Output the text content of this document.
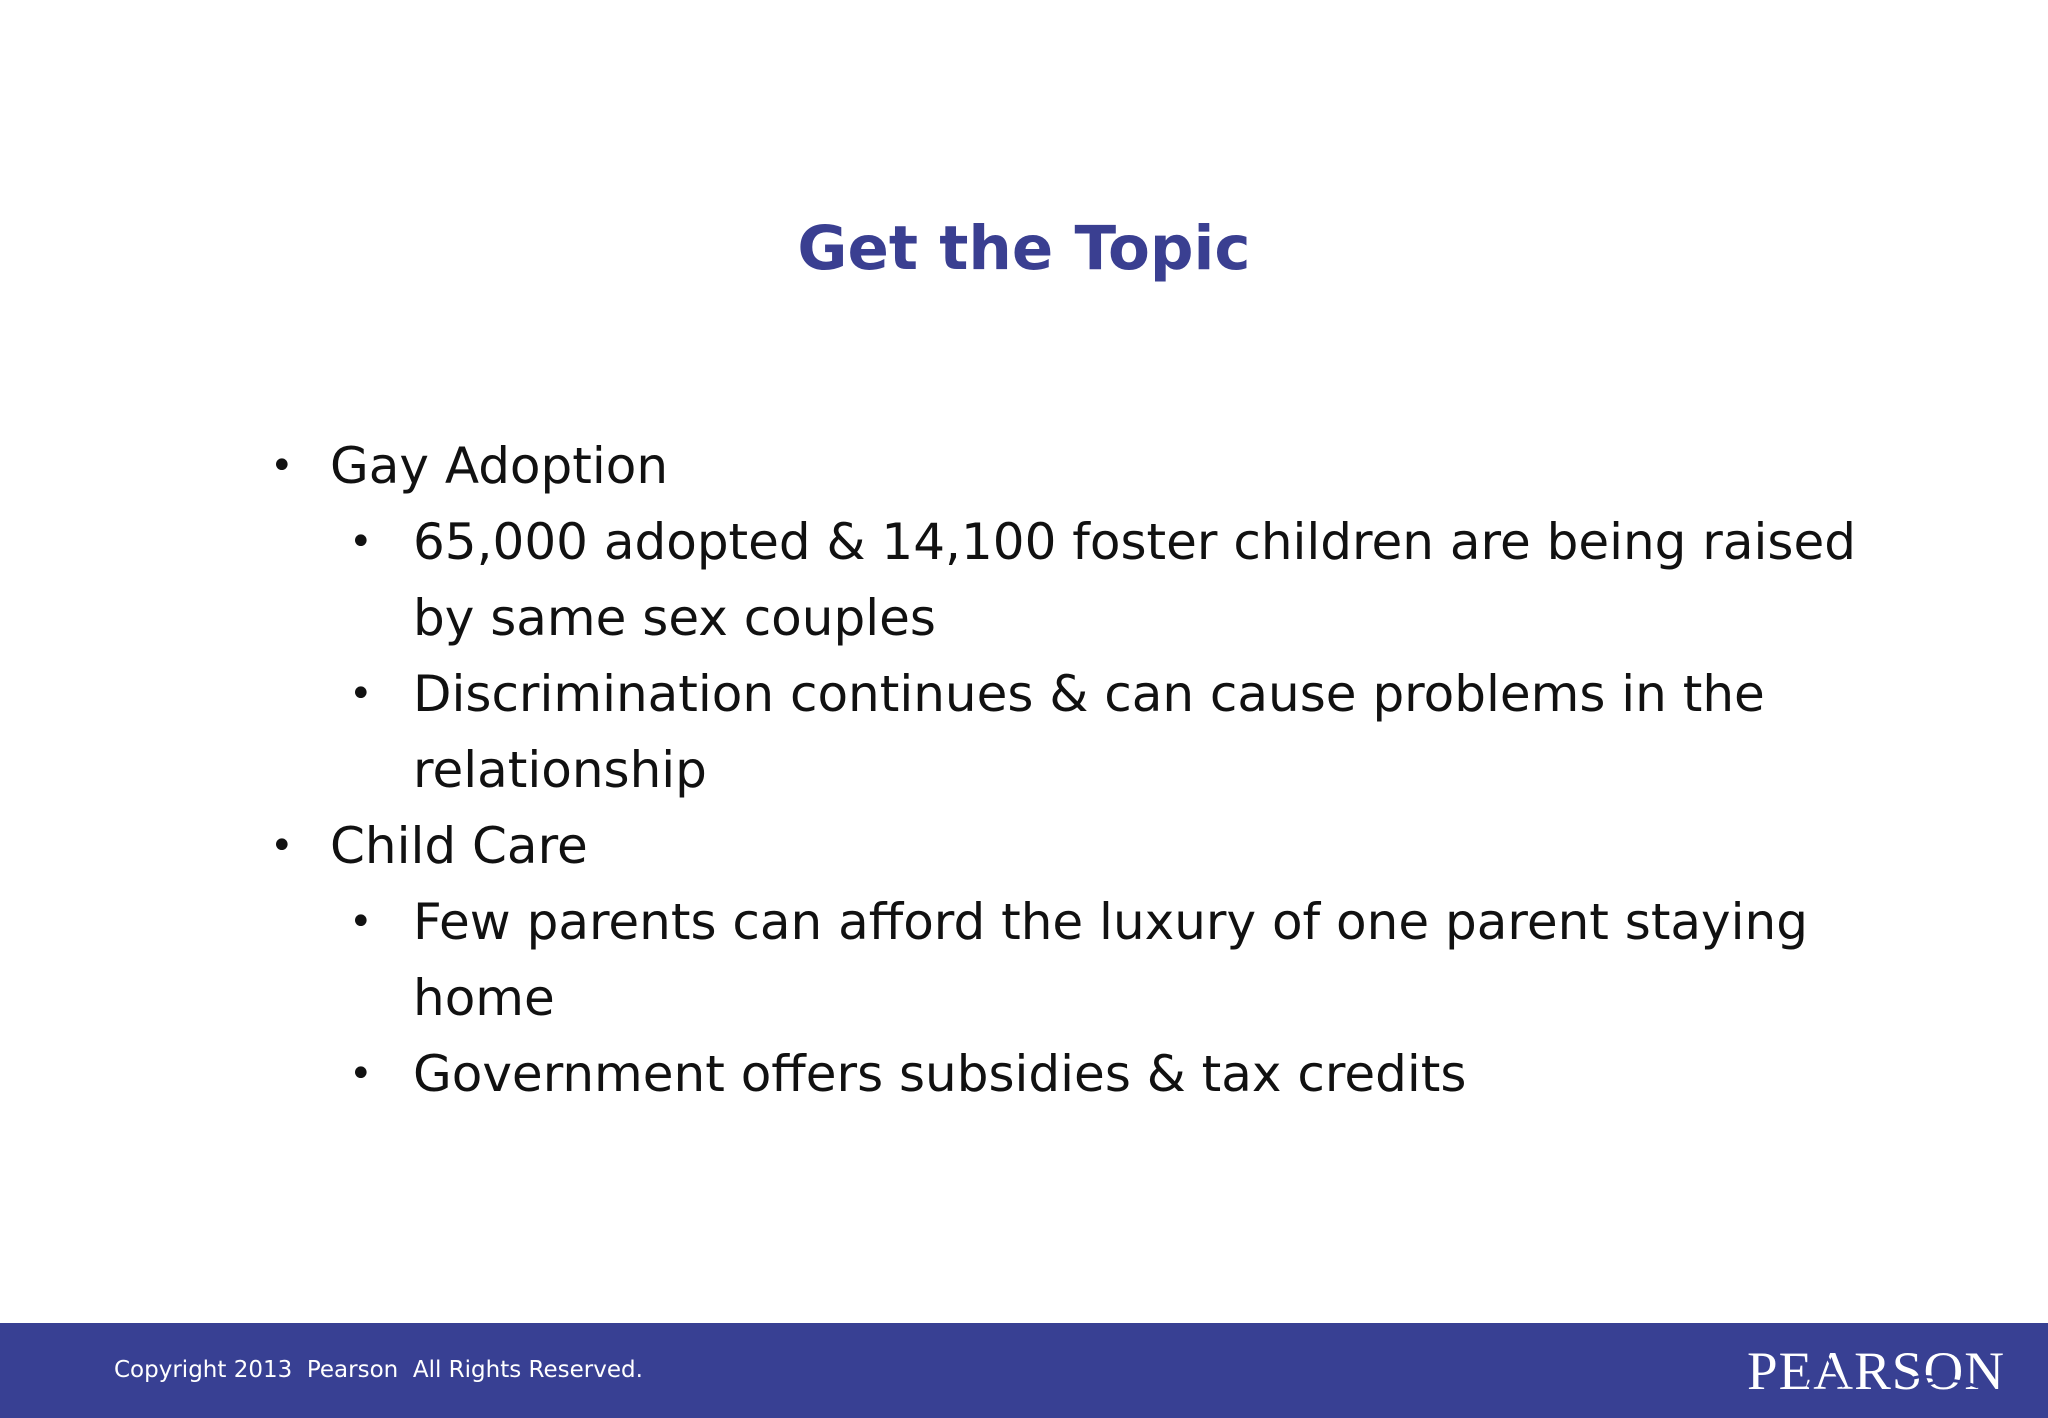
Get the Topic

• Gay Adoption

• 65,000 adopted & 14,100 foster children are being raised by same sex couples

• Discrimination continues & can cause problems in the relationship

• Child Care

• Few parents can afford the luxury of one parent staying home

• Government offers subsidies & tax credits

Copyright 2013  Pearson  All Rights Reserved.	PEARSON
